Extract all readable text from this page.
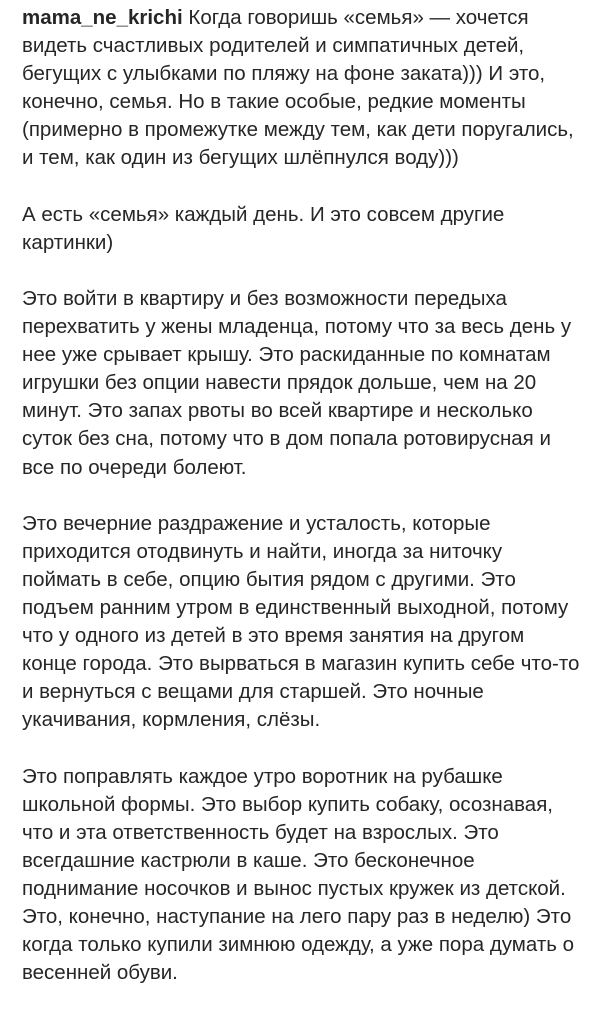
mama_ne_krichi Когда говоришь «семья» — хочется видеть счастливых родителей и симпатичных детей, бегущих с улыбками по пляжу на фоне заката))) И это, конечно, семья. Но в такие особые, редкие моменты (примерно в промежутке между тем, как дети поругались, и тем, как один из бегущих шлёпнулся воду)))

А есть «семья» каждый день. И это совсем другие картинки)

Это войти в квартиру и без возможности передыха перехватить у жены младенца, потому что за весь день у нее уже срывает крышу. Это раскиданные по комнатам игрушки без опции навести прядок дольше, чем на 20 минут. Это запах рвоты во всей квартире и несколько суток без сна, потому что в дом попала ротовирусная и все по очереди болеют.

Это вечерние раздражение и усталость, которые приходится отодвинуть и найти, иногда за ниточку поймать в себе, опцию бытия рядом с другими. Это подъем ранним утром в единственный выходной, потому что у одного из детей в это время занятия на другом конце города. Это вырваться в магазин купить себе что-то и вернуться с вещами для старшей. Это ночные укачивания, кормления, слёзы.

Это поправлять каждое утро воротник на рубашке школьной формы. Это выбор купить собаку, осознавая, что и эта ответственность будет на взрослых. Это всегдашние кастрюли в каше. Это бесконечное поднимание носочков и вынос пустых кружек из детской. Это, конечно, наступание на лего пару раз в неделю) Это когда только купили зимнюю одежду, а уже пора думать о весенней обуви.
